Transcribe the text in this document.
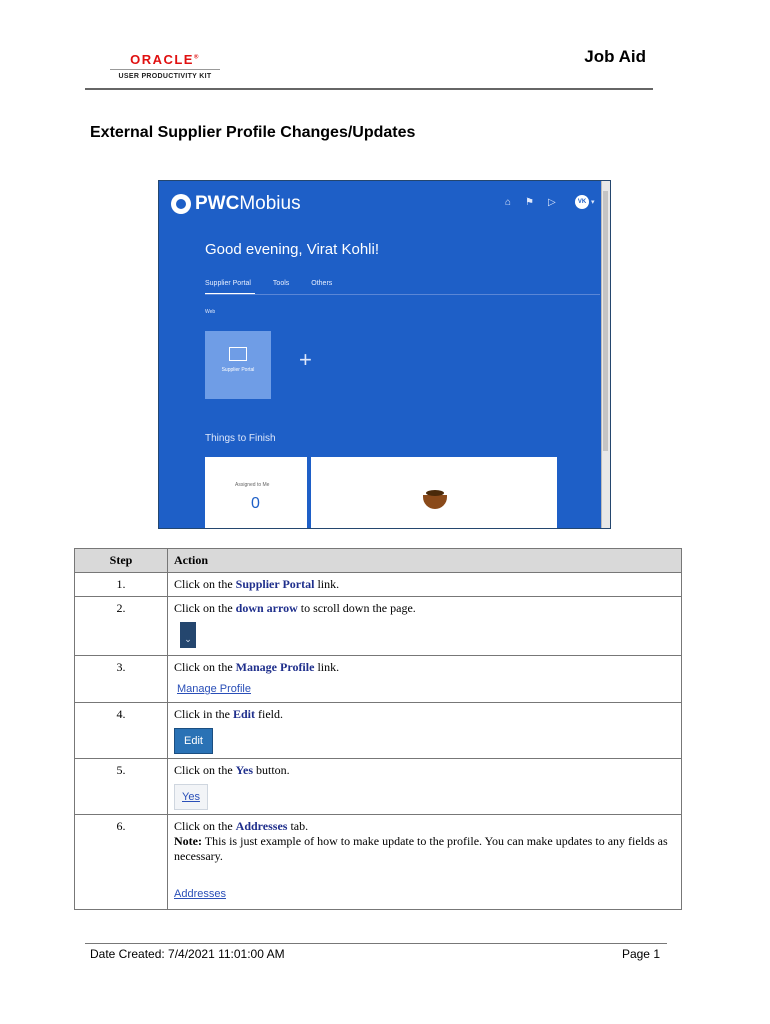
ORACLE®
USER PRODUCTIVITY KIT
Job Aid
External Supplier Profile Changes/Updates
PWC Mobius	⌂ ⚑ ▷	VK ▾
Good evening, Virat Kohli!
Supplier Portal	Tools	Others
Web
Supplier Portal	+
Things to Finish
Assigned to Me
0
Step	Action
1.	Click on the Supplier Portal link.
2.	Click on the down arrow to scroll down the page.
⌄
3.	Click on the Manage Profile link.
Manage Profile
4.	Click in the Edit field.
Edit
5.	Click on the Yes button.
Yes
6.	Click on the Addresses tab.
Note: This is just example of how to make update to the profile. You can make updates to any fields as necessary.
Addresses
Date Created: 7/4/2021 11:01:00 AM	Page 1
